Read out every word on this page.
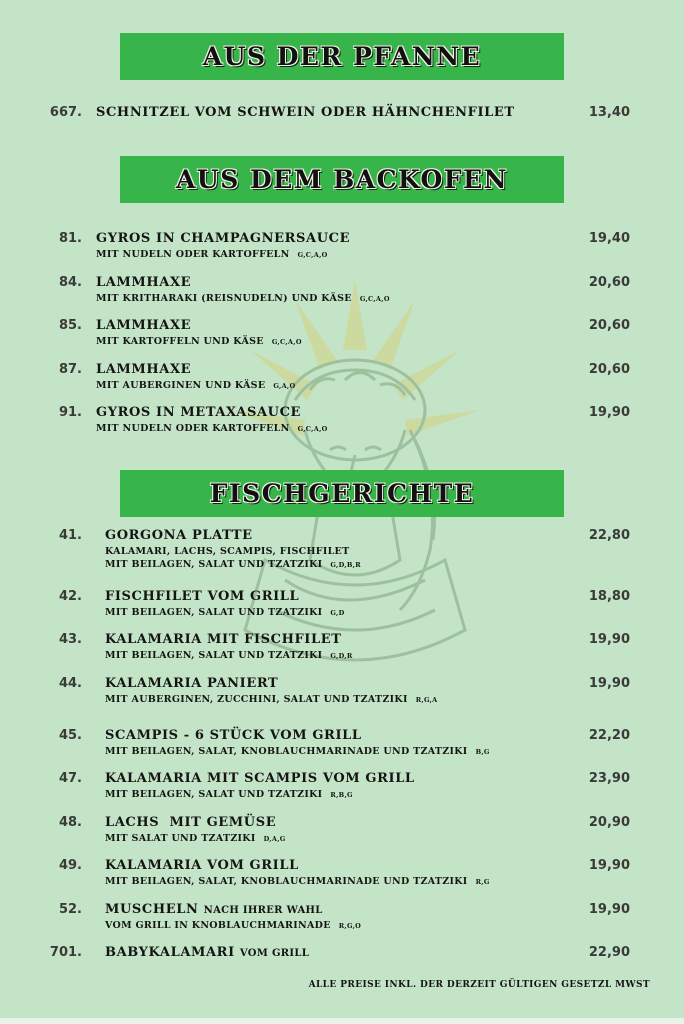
AUS DER PFANNE
667. SCHNITZEL VOM SCHWEIN ODER HÄHNCHENFILET	13,40
AUS DEM BACKOFEN
81. GYROS IN CHAMPAGNERSAUCE
MIT NUDELN ODER KARTOFFELN G,C,A,O
19,40
84. LAMMHAXE
MIT KRITHARAKI (REISNUDELN) UND KÄSE G,C,A,O
20,60
85. LAMMHAXE
MIT KARTOFFELN UND KÄSE G,C,A,O
20,60
87. LAMMHAXE
MIT AUBERGINEN UND KÄSE G,A,O
20,60
91. GYROS IN METAXASAUCE
MIT NUDELN ODER KARTOFFELN G,C,A,O
19,90
FISCHGERICHTE
41. GORGONA PLATTE
KALAMARI, LACHS, SCAMPIS, FISCHFILET
MIT BEILAGEN, SALAT UND TZATZIKI G,D,B,R
22,80
42. FISCHFILET VOM GRILL
MIT BEILAGEN, SALAT UND TZATZIKI G,D
18,80
43. KALAMARIA MIT FISCHFILET
MIT BEILAGEN, SALAT UND TZATZIKI G,D,R
19,90
44. KALAMARIA PANIERT
MIT AUBERGINEN, ZUCCHINI, SALAT UND TZATZIKI R,G,A
19,90
45. SCAMPIS - 6 STÜCK VOM GRILL
MIT BEILAGEN, SALAT, KNOBLAUCHMARINADE UND TZATZIKI B,G
22,20
47. KALAMARIA MIT SCAMPIS VOM GRILL
MIT BEILAGEN, SALAT UND TZATZIKI R,B,G
23,90
48. LACHS  MIT GEMÜSE
MIT SALAT UND TZATZIKI D,A,G
20,90
49. KALAMARIA VOM GRILL
MIT BEILAGEN, SALAT, KNOBLAUCHMARINADE UND TZATZIKI R,G
19,90
52. MUSCHELN NACH IHRER WAHL
VOM GRILL IN KNOBLAUCHMARINADE R,G,O
19,90
701. BABYKALAMARI VOM GRILL	22,90
ALLE PREISE INKL. DER DERZEIT GÜLTIGEN GESETZL MWST
